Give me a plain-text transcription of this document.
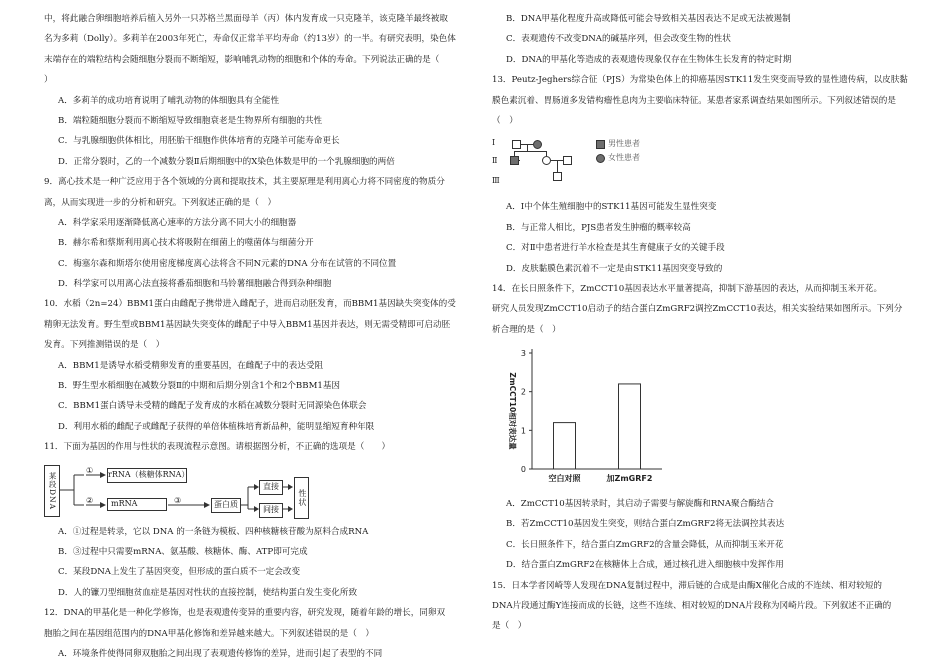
中，将此融合卵细胞培养后植入另外一只苏格兰黑面母羊（丙）体内发育成一只克隆羊，该克隆羊最终被取
名为多莉（Dolly）。多莉羊在2003年死亡，寿命仅正常羊平均寿命（约13岁）的一半。有研究表明，染色体
末端存在的端粒结构会随细胞分裂而不断缩短，影响哺乳动物的细胞和个体的寿命。下列说法正确的是（
）
A．多莉羊的成功培育说明了哺乳动物的体细胞具有全能性
B．端粒随细胞分裂而不断缩短导致细胞衰老是生物界所有细胞的共性
C．与乳腺细胞供体相比，用胚胎干细胞作供体培育的克隆羊可能寿命更长
D．正常分裂时，乙的一个减数分裂Ⅱ后期细胞中的X染色体数是甲的一个乳腺细胞的两倍
9．离心技术是一种广泛应用于各个领域的分离和提取技术，其主要原理是利用离心力将不同密度的物质分
离，从而实现进一步的分析和研究。下列叙述正确的是（　）
A．科学家采用逐渐降低离心速率的方法分离不同大小的细胞器
B．赫尔希和蔡斯利用离心技术将吸附在细菌上的噬菌体与细菌分开
C．梅塞尔森和斯塔尔使用密度梯度离心法将含不同N元素的DNA 分布在试管的不同位置
D．科学家可以用离心法直接将番茄细胞和马铃薯细胞融合得到杂种细胞
10．水稻（2n=24）BBM1蛋白由雌配子携带进入雌配子，进而启动胚发育，而BBM1基因缺失突变体的受
精卵无法发育。野生型或BBM1基因缺失突变体的雌配子中导入BBM1基因并表达，则无需受精即可启动胚
发育。下列推测错误的是（　）
A．BBM1是诱导水稻受精卵发育的重要基因，在雌配子中的表达受阻
B．野生型水稻细胞在减数分裂Ⅱ的中期和后期分别含1个和2个BBM1基因
C．BBM1蛋白诱导未受精的雌配子发育成的水稻在减数分裂时无同源染色体联会
D．利用水稻的雌配子或雌配子获得的单倍体植株培育新品种，能明显缩短育种年限
11．下面为基因的作用与性状的表现流程示意图。请根据图分析，不正确的选项是（　　）
某段DNA
①
②
rRNA（核糖体RNA）
mRNA	③	蛋白质
直接
间接
性状
A．①过程是转录，它以 DNA 的一条链为模板、四种核糖核苷酸为原料合成RNA
B．③过程中只需要mRNA、氨基酸、核糖体、酶、ATP即可完成
C．某段DNA上发生了基因突变，但形成的蛋白质不一定会改变
D．人的镰刀型细胞贫血症是基因对性状的直接控制，使结构蛋白发生变化所致
12．DNA的甲基化是一种化学修饰，也是表观遗传变异的重要内容，研究发现，随着年龄的增长，同卵双
胞胎之间在基因组范围内的DNA甲基化修饰和差异越来越大。下列叙述错误的是（　）
A．环境条件使得同卵双胞胎之间出现了表观遗传修饰的差异，进而引起了表型的不同
B．DNA甲基化程度升高或降低可能会导致相关基因表达不足或无法被遏制
C．表观遗传不改变DNA的碱基序列，但会改变生物的性状
D．DNA的甲基化等造成的表观遗传现象仅存在生物体生长发育的特定时期
13．Peutz-Jeghers综合征（PJS）为常染色体上的抑癌基因STK11发生突变而导致的显性遗传病，以皮肤黏
膜色素沉着、胃肠道多发错构瘤性息肉为主要临床特征。某患者家系调查结果如图所示。下列叙述错误的是
（　）
Ⅰ
Ⅱ
Ⅲ
男性患者
女性患者
A．Ⅰ中个体生殖细胞中的STK11基因可能发生显性突变
B．与正常人相比，PJS患者发生肿瘤的概率较高
C．对Ⅱ中患者进行羊水检查是其生育健康子女的关键手段
D．皮肤黏膜色素沉着不一定是由STK11基因突变导致的
14．在长日照条件下，ZmCCT10基因表达水平量著提高，抑制下游基因的表达，从而抑制玉米开花。
研究人员发现ZmCCT10启动子的结合蛋白ZmGRF2调控ZmCCT10表达，相关实验结果如图所示。下列分
析合理的是（　）
0
1
2
3
ZmCCT10相对表达量
空白对照	加ZmGRF2
A．ZmCCT10基因转录时，其启动子需要与解旋酶和RNA聚合酶结合
B．若ZmCCT10基因发生突变，则结合蛋白ZmGRF2将无法调控其表达
C．长日照条件下，结合蛋白ZmGRF2的含量会降低，从而抑制玉米开花
D．结合蛋白ZmGRF2在核糖体上合成，通过核孔进入细胞核中发挥作用
15．日本学者冈崎等人发现在DNA复制过程中，滞后链的合成是由酶X催化合成的不连续、相对较短的
DNA片段通过酶Y连接而成的长链，这些不连续、相对较短的DNA片段称为冈崎片段。下列叙述不正确的
是（　）
